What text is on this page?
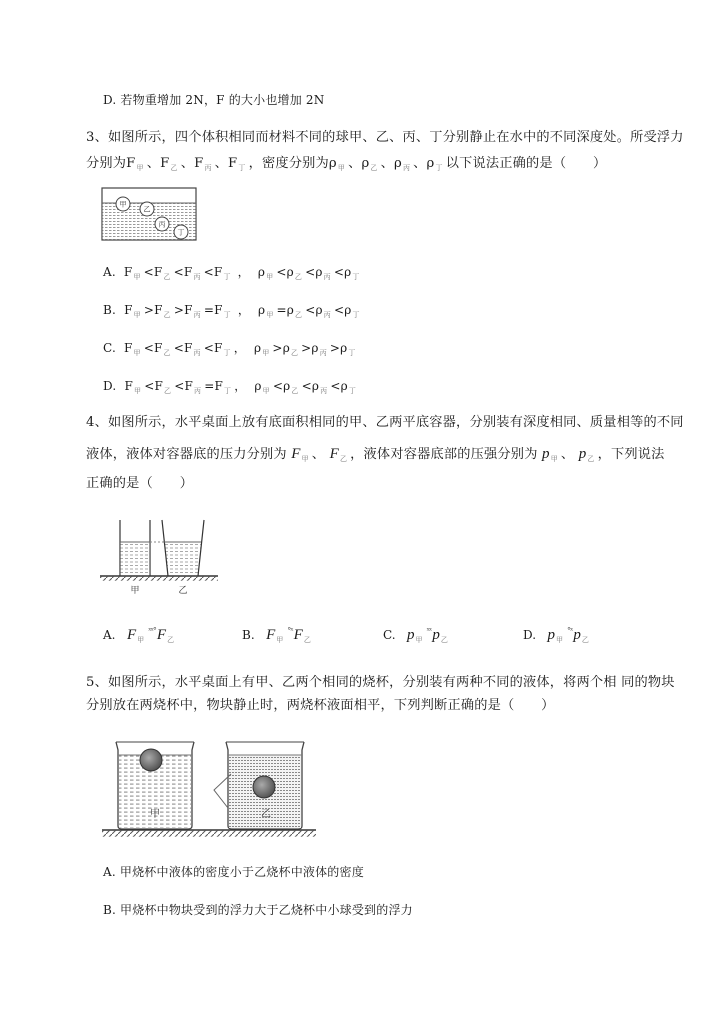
D. 若物重增加 2N，F 的大小也增加 2N
3、如图所示，四个体积相同而材料不同的球甲、乙、丙、丁分别静止在水中的不同深度处。所受浮力
分别为$F_甲$ 、$F_乙$ 、$F_丙$ 、$F_丁$ ，密度分别为$\rho_甲$ 、$\rho_乙$ 、$\rho_丙$ 、$\rho_丁$ 以下说法正确的是（　　）
甲
乙
丙
丁
A.  $F_甲 <F_乙 <F_丙 <F_丁$ ，  $\rho_甲 <\rho_乙 <\rho_丙 <\rho_丁$
B.  $F_甲 >F_乙 >F_丙 =F_丁$ ，  $\rho_甲 =\rho_乙 <\rho_丙 <\rho_丁$
C.  $F_甲 <F_乙 <F_丙 <F_丁$ ，  $\rho_甲 >\rho_乙 >\rho_丙 >\rho_丁$
D.  $F_甲 <F_乙 <F_丙 =F_丁$ ，  $\rho_甲 <\rho_乙 <\rho_丙 <\rho_丁$
4、如图所示，水平桌面上放有底面积相同的甲、乙两平底容器，分别装有深度相同、质量相等的不同
液体，液体对容器底的压力分别为 $F_甲$ 、 $F_乙$ ，液体对容器底部的压强分别为 $p_甲$ 、 $p_乙$ ，下列说法
正确的是（　　）
甲	乙
A. $F_甲^{ˣˣ^\circ}F_乙$	B. $F_甲^{^\circ ˣ}F_乙$	C. $p_甲^{ˣˣ}p_乙$	D. $p_甲^{^\circ ˣ}p_乙$
5、如图所示，水平桌面上有甲、乙两个相同的烧杯，分别装有两种不同的液体，将两个相 同的物块
分别放在两烧杯中，物块静止时，两烧杯液面相平，下列判断正确的是（　　）
甲	乙
A. 甲烧杯中液体的密度小于乙烧杯中液体的密度
B. 甲烧杯中物块受到的浮力大于乙烧杯中小球受到的浮力
